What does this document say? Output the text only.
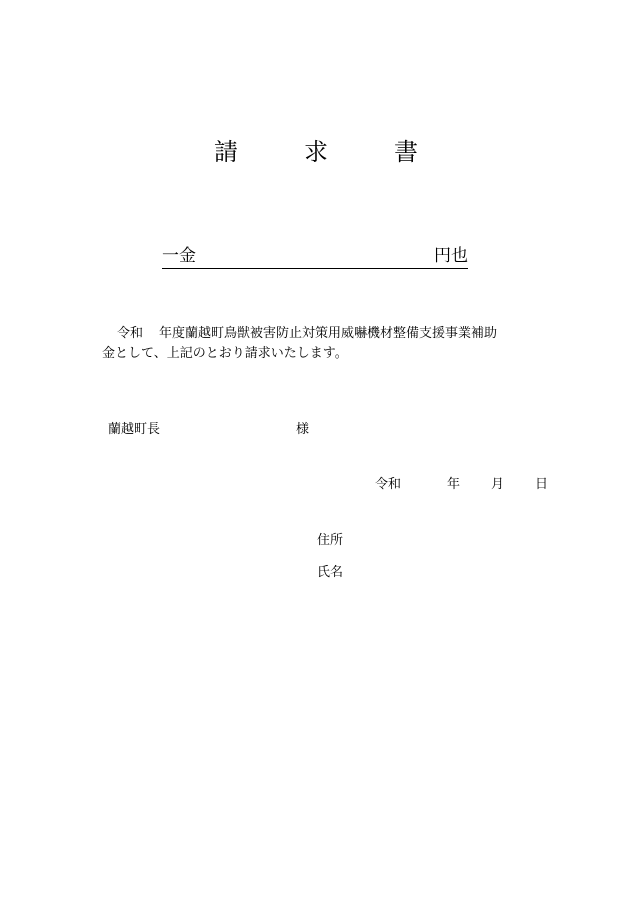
請	求	書
一金	円也
令和 年度蘭越町鳥獣被害防止対策用威嚇機材整備支援事業補助
金として、上記のとおり請求いたします。
蘭越町長	様
令和	年 月 日
住所
氏名
